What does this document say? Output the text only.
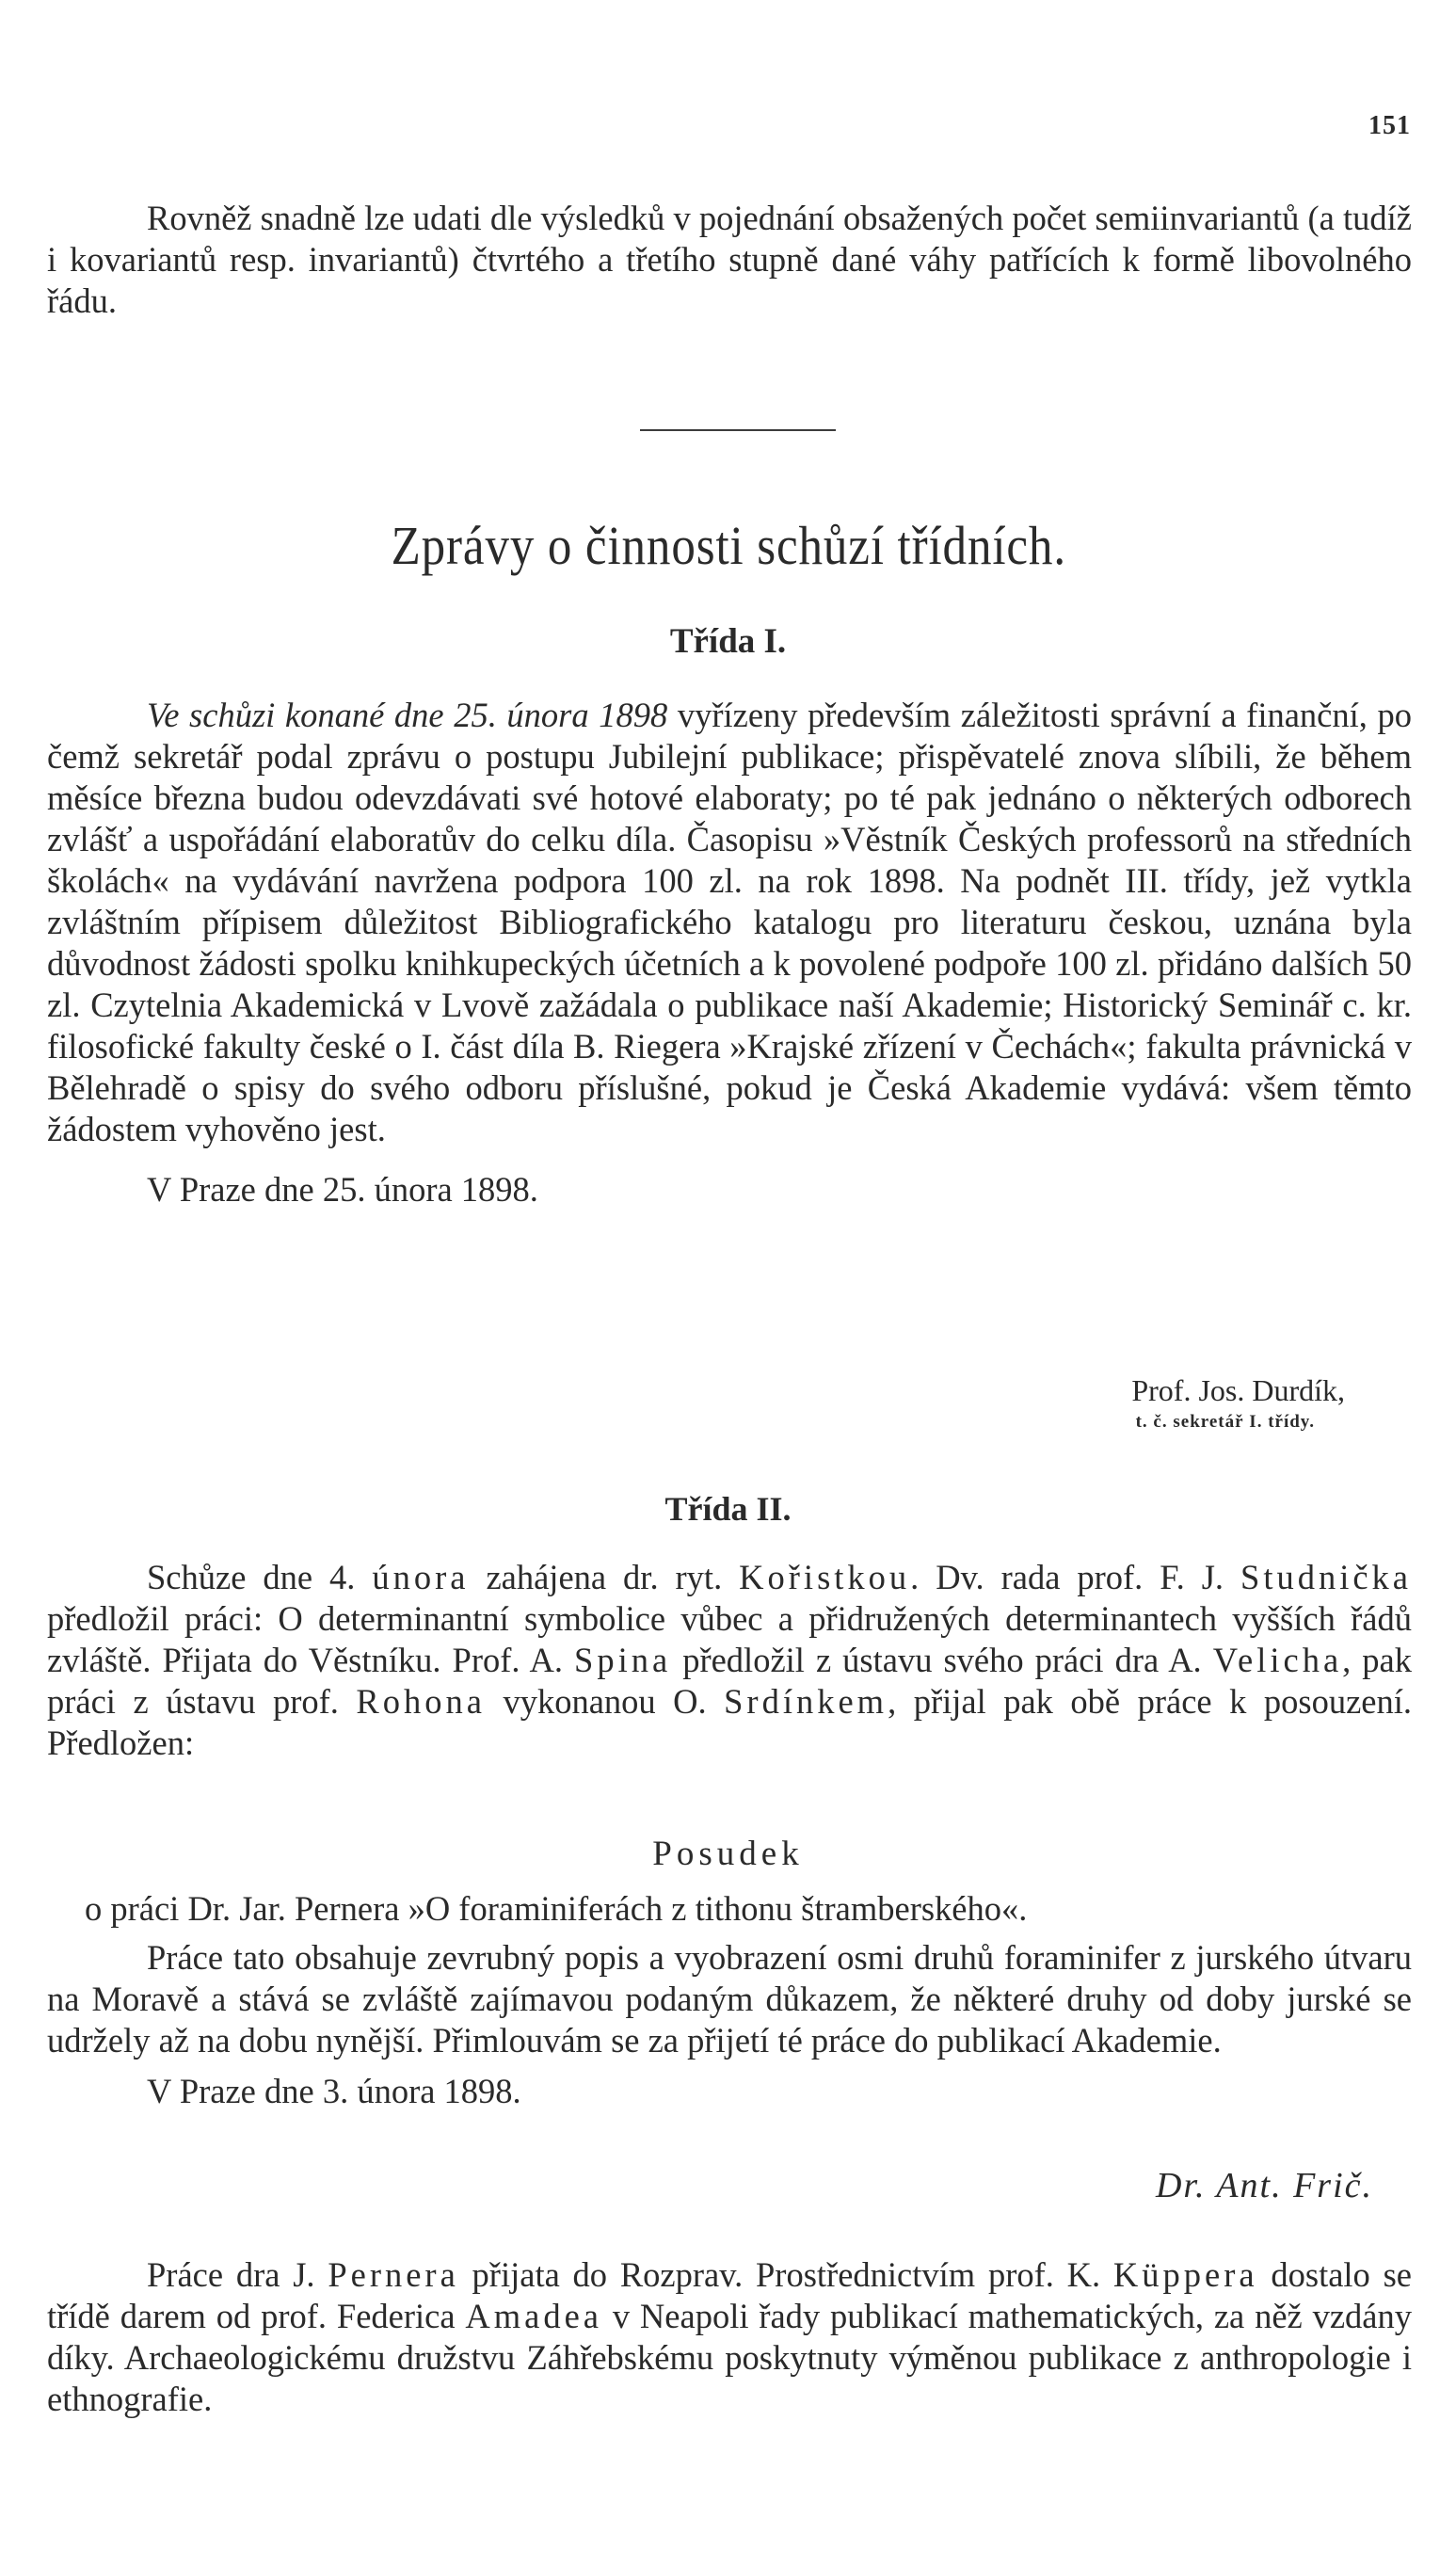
151

Rovněž snadně lze udati dle výsledků v pojednání obsažených počet semiinvariantů (a tudíž i kovariantů resp. invariantů) čtvrtého a třetího stupně dané váhy patřících k formě libovolného řádu.

Zprávy o činnosti schůzí třídních.
Třída I.

Ve schůzi konané dne 25. února 1898 vyřízeny především záležitosti správní a finanční, po čemž sekretář podal zprávu o postupu Jubilejní publikace; přispěvatelé znova slíbili, že během měsíce března budou odevzdávati své hotové elaboraty; po té pak jednáno o některých odborech zvlášť a uspořádání elaboratův do celku díla. Časopisu »Věstník Českých professorů na středních školách« na vydávání navržena podpora 100 zl. na rok 1898. Na podnět III. třídy, jež vytkla zvláštním přípisem důležitost Bibliografického katalogu pro literaturu českou, uznána byla důvodnost žádosti spolku knihkupeckých účetních a k povolené podpoře 100 zl. přidáno dalších 50 zl. Czytelnia Akademická v Lvově zažádala o publikace naší Akademie; Historický Seminář c. kr. filosofické fakulty české o I. část díla B. Riegera »Krajské zřízení v Čechách«; fakulta právnická v Bělehradě o spisy do svého odboru příslušné, pokud je Česká Akademie vydává: všem těmto žádostem vyhověno jest.

V Praze dne 25. února 1898.

Prof. Jos. Durdík,
t. č. sekretář I. třídy.
Třída II.

Schůze dne 4. února zahájena dr. ryt. Kořistkou. Dv. rada prof. F. J. Studnička předložil práci: O determinantní symbolice vůbec a přidružených determinantech vyšších řádů zvláště. Přijata do Věstníku. Prof. A. Spina předložil z ústavu svého práci dra A. Velicha, pak práci z ústavu prof. Rohona vykonanou O. Srdínkem, přijal pak obě práce k posouzení. Předložen:

Posudek

o práci Dr. Jar. Pernera »O foraminiferách z tithonu štramberského«.

Práce tato obsahuje zevrubný popis a vyobrazení osmi druhů foraminifer z jurského útvaru na Moravě a stává se zvláště zajímavou podaným důkazem, že některé druhy od doby jurské se udržely až na dobu nynější. Přimlouvám se za přijetí té práce do publikací Akademie.

V Praze dne 3. února 1898.

Dr. Ant. Frič.

Práce dra J. Pernera přijata do Rozprav. Prostřednictvím prof. K. Küppera dostalo se třídě darem od prof. Federica Amadea v Neapoli řady publikací mathematických, za něž vzdány díky. Archaeologickému družstvu Záhřebskému poskytnuty výměnou publikace z anthropologie i ethnografie.
